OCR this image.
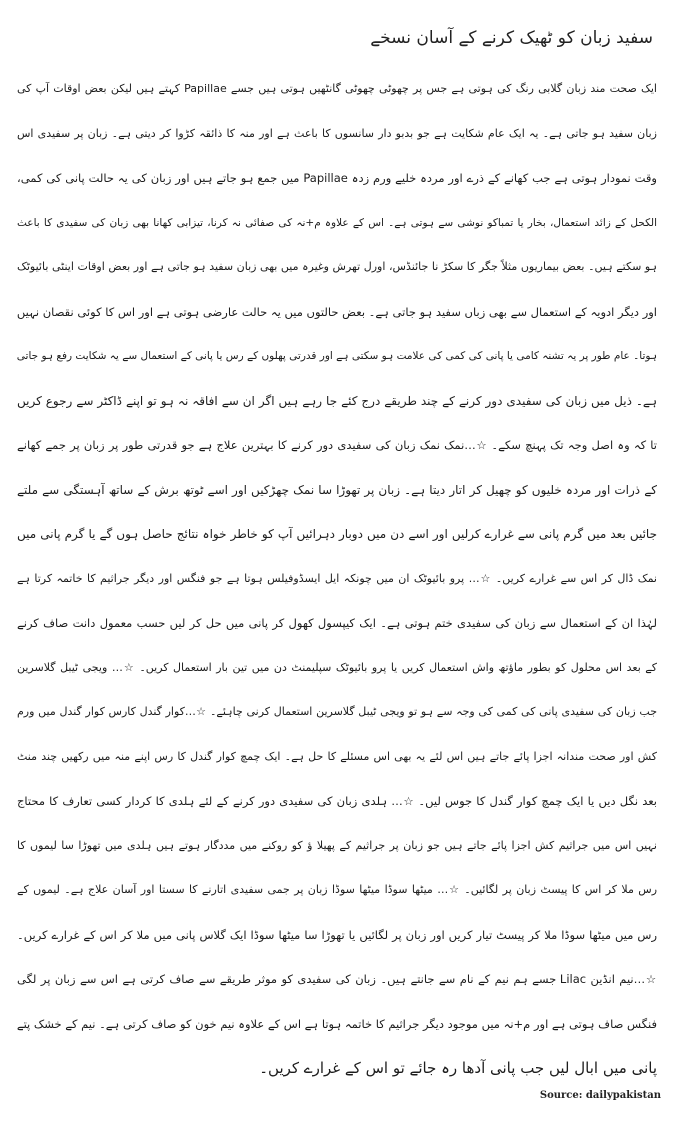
سفید زبان کو ٹھیک کرنے کے آسان نسخے
ایک صحت مند زبان گلابی رنگ کی ہوتی ہے جس پر چھوٹی چھوٹی گانٹھیں ہوتی ہیں جسے Papillae کہتے ہیں لیکن بعض اوقات آپ کی
زبان سفید ہو جاتی ہے۔ یہ ایک عام شکایت ہے جو بدبو دار سانسوں کا باعث ہے اور منہ کا ذائقہ کڑوا کر دیتی ہے۔ زبان پر سفیدی اس
وقت نمودار ہوتی ہے جب کھانے کے ذرے اور مردہ خلیے ورم زدہ Papillae میں جمع ہو جاتے ہیں اور زبان کی یہ حالت پانی کی کمی،
الکحل کے زائد استعمال، بخار یا تمباکو نوشی سے ہوتی ہے۔ اس کے علاوہ م+نہ کی صفائی نہ کرنا، تیزابی کھانا بھی زبان کی سفیدی کا باعث
ہو سکتے ہیں۔ بعض بیماریوں مثلاً جگر کا سکڑ نا جائنڈس، اورل تھرش وغیرہ میں بھی زبان سفید ہو جاتی ہے اور بعض اوقات اینٹی بائیوٹک
اور دیگر ادویہ کے استعمال سے بھی زباں سفید ہو جاتی ہے۔ بعض حالتوں میں یہ حالت عارضی ہوتی ہے اور اس کا کوئی نقصان نہیں
ہوتا۔ عام طور پر یہ تشنہ کامی یا پانی کی کمی کی علامت ہو سکتی ہے اور قدرتی پھلوں کے رس یا پانی کے استعمال سے یہ شکایت رفع ہو جاتی
ہے۔ ذیل میں زبان کی سفیدی دور کرنے کے چند طریقے درج کئے جا رہے ہیں اگر ان سے افاقہ نہ ہو تو اپنے ڈاکٹر سے رجوع کریں
تا کہ وہ اصل وجہ تک پہنچ سکے۔ ☆…نمک نمک زبان کی سفیدی دور کرنے کا بہترین علاج ہے جو قدرتی طور پر زبان پر جمے کھانے
کے ذرات اور مردہ خلیوں کو چھیل کر اتار دیتا ہے۔ زبان پر تھوڑا سا نمک چھڑکیں اور اسے ٹوتھ برش کے ساتھ آہستگی سے ملتے
جائیں بعد میں گرم پانی سے غرارے کرلیں اور اسے دن میں دوبار دہرائیں آپ کو خاطر خواہ نتائج حاصل ہوں گے یا گرم پانی میں
نمک ڈال کر اس سے غرارے کریں۔ ☆… پرو بائیوٹک ان میں چونکہ ایل ایسڈوفیلس ہوتا ہے جو فنگس اور دیگر جراثیم کا خاتمہ کرتا ہے
لہٰذا ان کے استعمال سے زبان کی سفیدی ختم ہوتی ہے۔ ایک کیپسول کھول کر پانی میں حل کر لیں حسب معمول دانت صاف کرنے
کے بعد اس محلول کو بطور ماؤتھ واش استعمال کریں یا پرو بائیوٹک سپلیمنٹ دن میں تین بار استعمال کریں۔ ☆… ویجی ٹیبل گلاسرین
جب زبان کی سفیدی پانی کی کمی کی وجہ سے ہو تو ویجی ٹیبل گلاسرین استعمال کرنی چاہئے۔ ☆…کوار گندل کارس کوار گندل میں ورم
کش اور صحت مندانہ اجزا پائے جاتے ہیں اس لئے یہ بھی اس مسئلے کا حل ہے۔ ایک چمچ کوار گندل کا رس اپنے منہ میں رکھیں چند منٹ
بعد نگل دیں یا ایک چمچ کوار گندل کا جوس لیں۔ ☆… ہلدی زبان کی سفیدی دور کرنے کے لئے ہلدی کا کردار کسی تعارف کا محتاج
نہیں اس میں جراثیم کش اجزا پائے جاتے ہیں جو زبان پر جراثیم کے پھیلا ؤ کو روکنے میں مددگار ہوتے ہیں ہلدی میں تھوڑا سا لیموں کا
رس ملا کر اس کا پیسٹ زبان پر لگائیں۔ ☆… میٹھا سوڈا میٹھا سوڈا زبان پر جمی سفیدی اتارنے کا سستا اور آسان علاج ہے۔ لیموں کے
رس میں میٹھا سوڈا ملا کر پیسٹ تیار کریں اور زبان پر لگائیں یا تھوڑا سا میٹھا سوڈا ایک گلاس پانی میں ملا کر اس کے غرارے کریں۔
☆…نیم انڈین Lilac جسے ہم نیم کے نام سے جانتے ہیں۔ زبان کی سفیدی کو موثر طریقے سے صاف کرتی ہے اس سے زبان پر لگی
فنگس صاف ہوتی ہے اور م+نہ میں موجود دیگر جراثیم کا خاتمہ ہوتا ہے اس کے علاوہ نیم خون کو صاف کرتی ہے۔ نیم کے خشک پتے
پانی میں ابال لیں جب پانی آدھا رہ جائے تو اس کے غرارے کریں۔
Source: dailypakistan
